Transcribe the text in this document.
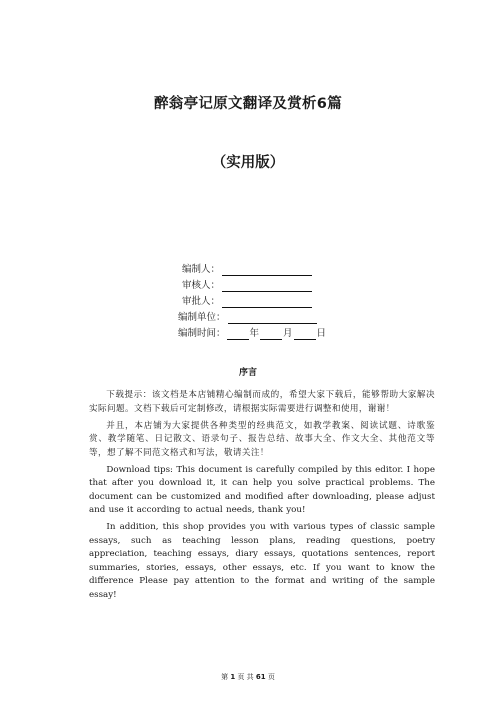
醉翁亭记原文翻译及赏析6篇
（实用版）
编制人：
审核人：
审批人：
编制单位：
编制时间：	年	月	日
序言

下载提示：该文档是本店铺精心编制而成的，希望大家下载后，能够帮助大家解决实际问题。文档下载后可定制修改，请根据实际需要进行调整和使用，谢谢！

并且，本店铺为大家提供各种类型的经典范文，如教学教案、阅读试题、诗歌鉴赏、教学随笔、日记散文、语录句子、报告总结、故事大全、作文大全、其他范文等等，想了解不同范文格式和写法，敬请关注！

Download tips: This document is carefully compiled by this editor. I hope that after you download it, it can help you solve practical problems. The document can be customized and modified after downloading, please adjust and use it according to actual needs, thank you!

In addition, this shop provides you with various types of classic sample essays, such as teaching lesson plans, reading questions, poetry appreciation, teaching essays, diary essays, quotations sentences, report summaries, stories, essays, other essays, etc. If you want to know the difference Please pay attention to the format and writing of the sample essay!

第 1 页 共 61 页
